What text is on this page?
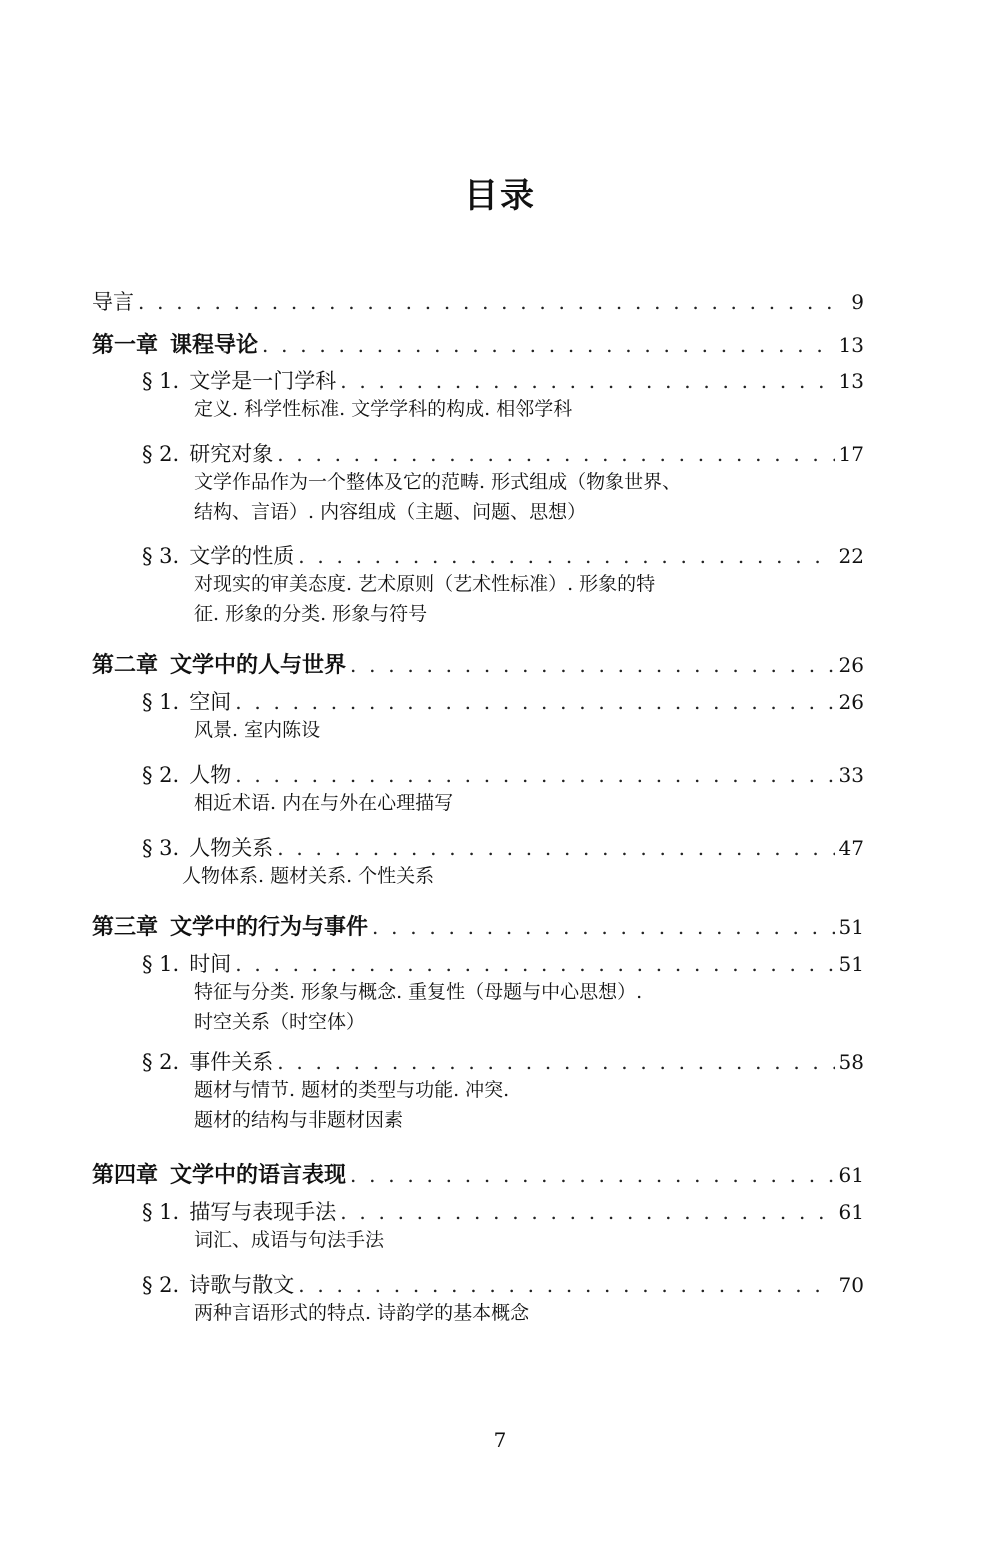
目录
导言 . . .	9
第一章 课程导论 . . .	13
§ 1. 文学是一门学科 . . .	13
定义. 科学性标准. 文学学科的构成. 相邻学科
§ 2. 研究对象 . . .	17
文学作品作为一个整体及它的范畴. 形式组成（物象世界、
结构、言语）. 内容组成（主题、问题、思想）
§ 3. 文学的性质 . . .	22
对现实的审美态度. 艺术原则（艺术性标准）. 形象的特
征. 形象的分类. 形象与符号
第二章 文学中的人与世界 . . .	26
§ 1. 空间 . . .	26
风景. 室内陈设
§ 2. 人物 . . .	33
相近术语. 内在与外在心理描写
§ 3. 人物关系 . . .	47
人物体系. 题材关系. 个性关系
第三章 文学中的行为与事件 . . .	51
§ 1. 时间 . . .	51
特征与分类. 形象与概念. 重复性（母题与中心思想）.
时空关系（时空体）
§ 2. 事件关系 . . .	58
题材与情节. 题材的类型与功能. 冲突.
题材的结构与非题材因素
第四章 文学中的语言表现 . . .	61
§ 1. 描写与表现手法 . . .	61
词汇、成语与句法手法
§ 2. 诗歌与散文 . . .	70
两种言语形式的特点. 诗韵学的基本概念
7
